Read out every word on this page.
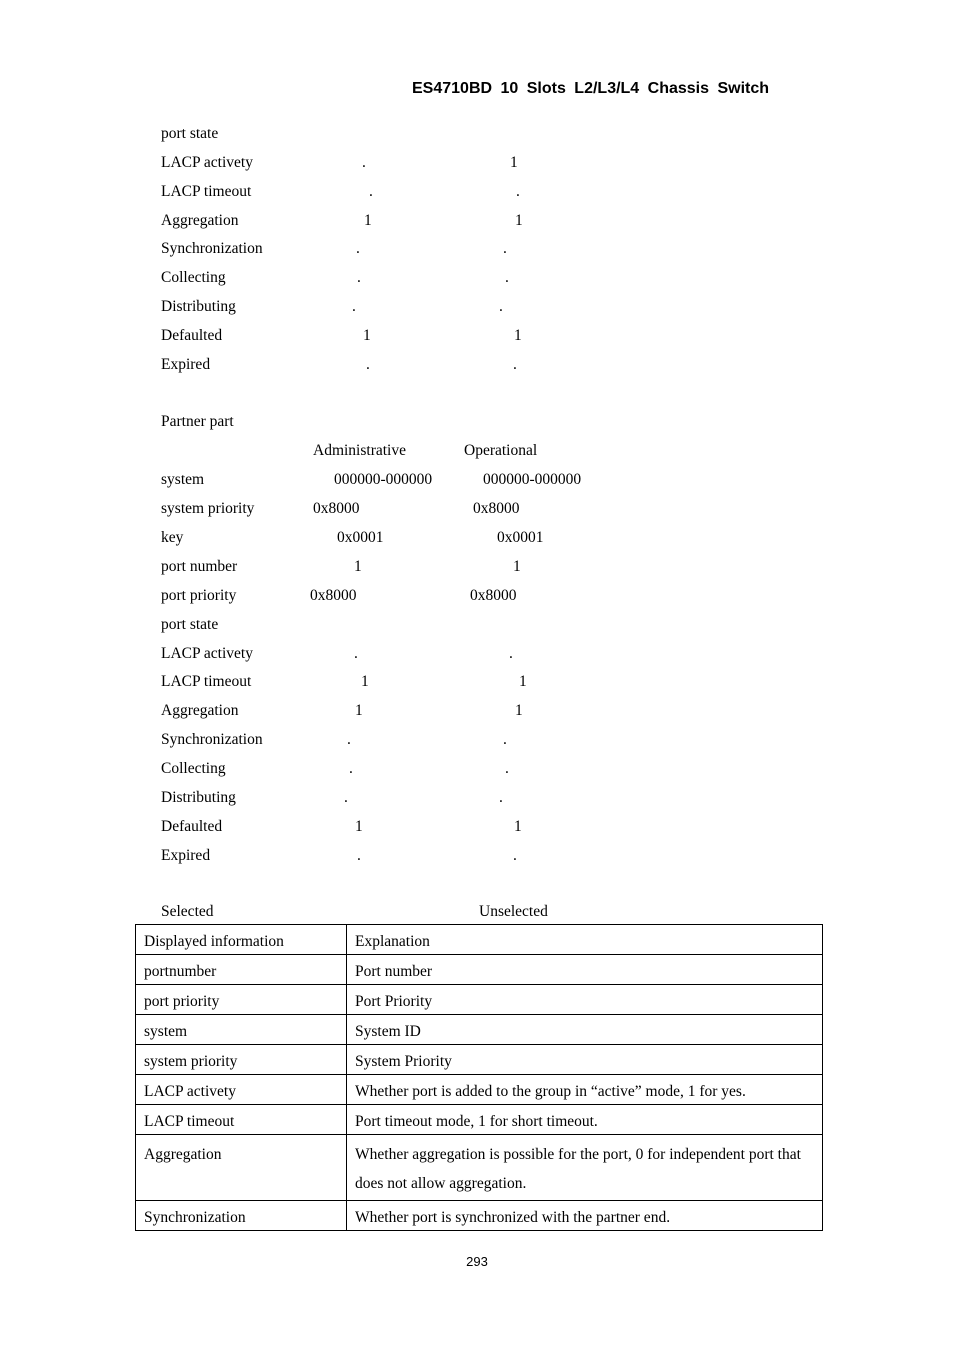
ES4710BD 10 Slots L2/L3/L4 Chassis Switch
port state
LACP activety	.	1
LACP timeout	.	.
Aggregation	1	1
Synchronization	.	.
Collecting	.	.
Distributing	.	.
Defaulted	1	1
Expired	.	.
Partner part
Administrative	Operational
system	000000-000000	000000-000000
system priority	0x8000	0x8000
key	0x0001	0x0001
port number	1	1
port priority	0x8000	0x8000
port state
LACP activety	.	.
LACP timeout	1	1
Aggregation	1	1
Synchronization	.	.
Collecting	.	.
Distributing	.	.
Defaulted	1	1
Expired	.	.
Selected	Unselected
Displayed information	Explanation
portnumber	Port number
port priority	Port Priority
system	System ID
system priority	System Priority
LACP activety	Whether port is added to the group in “active” mode, 1 for yes.
LACP timeout	Port timeout mode, 1 for short timeout.
Aggregation	Whether aggregation is possible for the port, 0 for independent port that does not allow aggregation.
Synchronization	Whether port is synchronized with the partner end.
293
